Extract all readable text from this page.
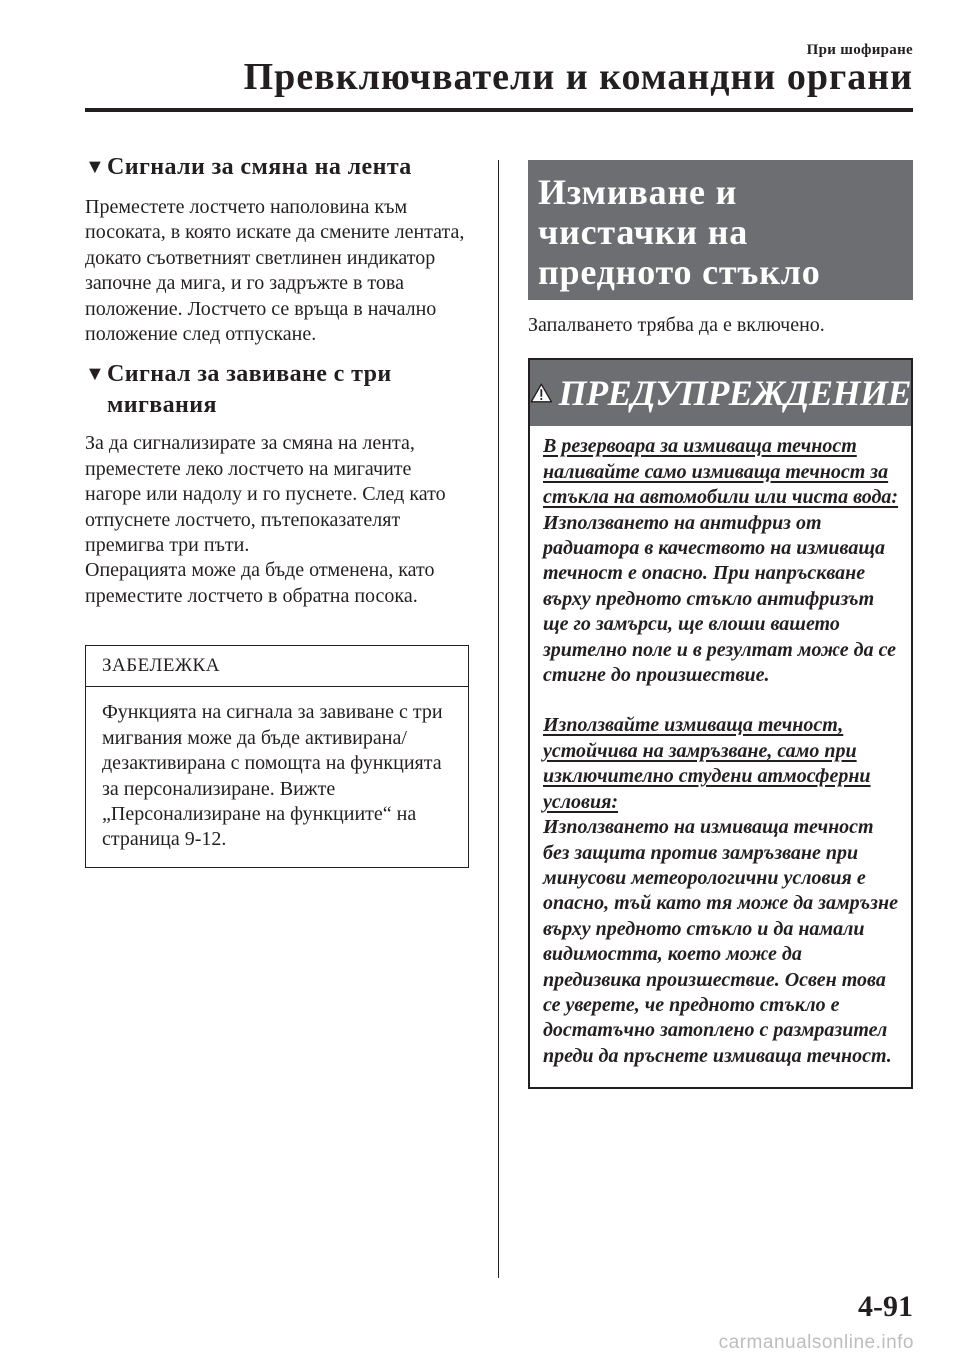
При шофиране
Превключватели и командни органи
▼ Сигнали за смяна на лента

Преместете лостчето наполовина към посоката, в която искате да смените лентата, докато съответният светлинен индикатор започне да мига, и го задръжте в това положение. Лостчето се връща в начално положение след отпускане.

▼ Сигнал за завиване с три
мигвания

За да сигнализирате за смяна на лента, преместете леко лостчето на мигачите нагоре или надолу и го пуснете. След като отпуснете лостчето, пътепоказателят премигва три пъти.

Операцията може да бъде отменена, като преместите лостчето в обратна посока.

ЗАБЕЛЕЖКА
Функцията на сигнала за завиване с три мигвания може да бъде активирана/дезактивирана с помощта на функцията за персонализиране. Вижте „Персонализиране на функциите“ на страница 9-12.
Измиване и чистачки на
предното стъкло
Запалването трябва да е включено.
ПРЕДУПРЕЖДЕНИЕ
В резервоара за измиваща течност наливайте само измиваща течност за стъкла на автомобили или чиста вода:
Използването на антифриз от радиатора в качеството на измиваща течност е опасно. При напръскване върху предното стъкло антифризът ще го замърси, ще влоши вашето зрително поле и в резултат може да се стигне до произшествие.
Използвайте измиваща течност, устойчива на замръзване, само при изключително студени атмосферни условия:
Използването на измиваща течност без защита против замръзване при минусови метеорологични условия е опасно, тъй като тя може да замръзне върху предното стъкло и да намали видимостта, което може да предизвика произшествие. Освен това се уверете, че предното стъкло е достатъчно затоплено с размразител преди да пръснете измиваща течност.
4-91
carmanualsonline.info
